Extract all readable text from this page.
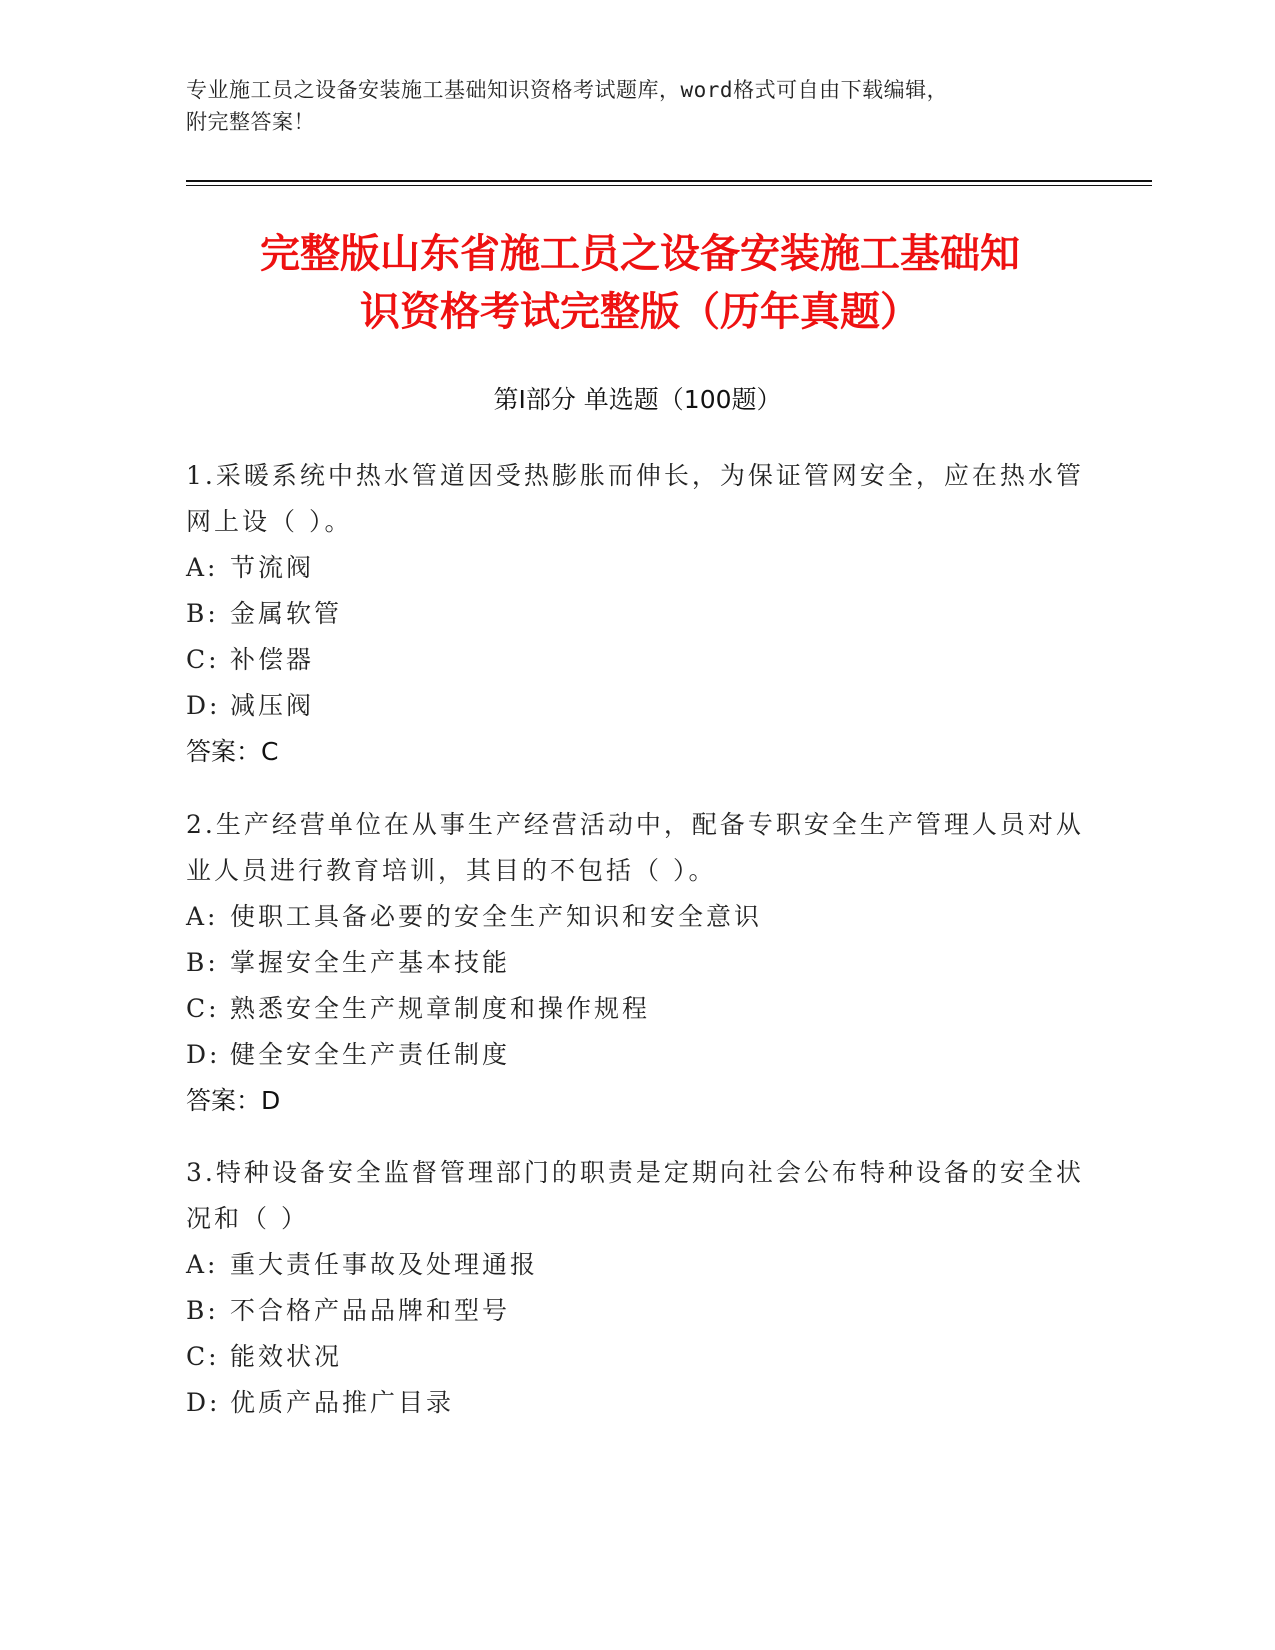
专业施工员之设备安装施工基础知识资格考试题库，word格式可自由下载编辑，
附完整答案！
完整版山东省施工员之设备安装施工基础知
识资格考试完整版（历年真题）
第Ⅰ部分 单选题（100题）
1.采暖系统中热水管道因受热膨胀而伸长，为保证管网安全，应在热水管网上设（ ）。
A: 节流阀
B: 金属软管
C: 补偿器
D: 减压阀
答案：C
2.生产经营单位在从事生产经营活动中，配备专职安全生产管理人员对从业人员进行教育培训，其目的不包括（ ）。
A: 使职工具备必要的安全生产知识和安全意识
B: 掌握安全生产基本技能
C: 熟悉安全生产规章制度和操作规程
D: 健全安全生产责任制度
答案：D
3.特种设备安全监督管理部门的职责是定期向社会公布特种设备的安全状况和（ ）
A: 重大责任事故及处理通报
B: 不合格产品品牌和型号
C: 能效状况
D: 优质产品推广目录
